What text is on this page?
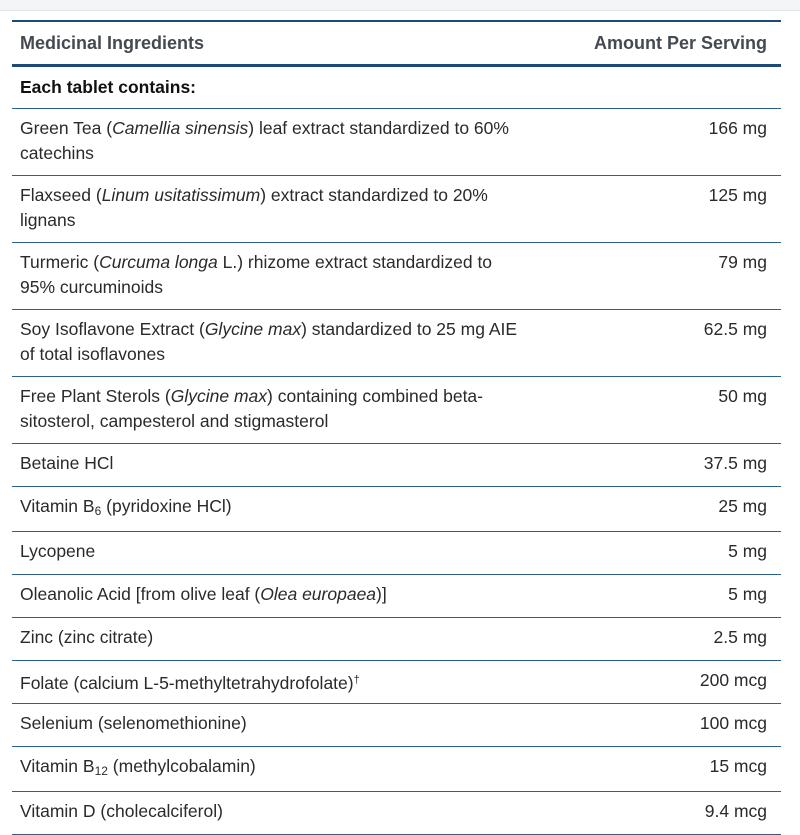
Medicinal Ingredients	Amount Per Serving
Each tablet contains:	
Green Tea (Camellia sinensis) leaf extract standardized to 60% catechins	166 mg
Flaxseed (Linum usitatissimum) extract standardized to 20% lignans	125 mg
Turmeric (Curcuma longa L.) rhizome extract standardized to 95% curcuminoids	79 mg
Soy Isoflavone Extract (Glycine max) standardized to 25 mg AIE of total isoflavones	62.5 mg
Free Plant Sterols (Glycine max) containing combined beta-sitosterol, campesterol and stigmasterol	50 mg
Betaine HCl	37.5 mg
Vitamin $B_6$ (pyridoxine HCl)	25 mg
Lycopene	5 mg
Oleanolic Acid [from olive leaf (Olea europaea)]	5 mg
Zinc (zinc citrate)	2.5 mg
Folate (calcium L-5-methyltetrahydrofolate)†	200 mcg
Selenium (selenomethionine)	100 mcg
Vitamin $B_{12}$ (methylcobalamin)	15 mcg
Vitamin D (cholecalciferol)	9.4 mcg
